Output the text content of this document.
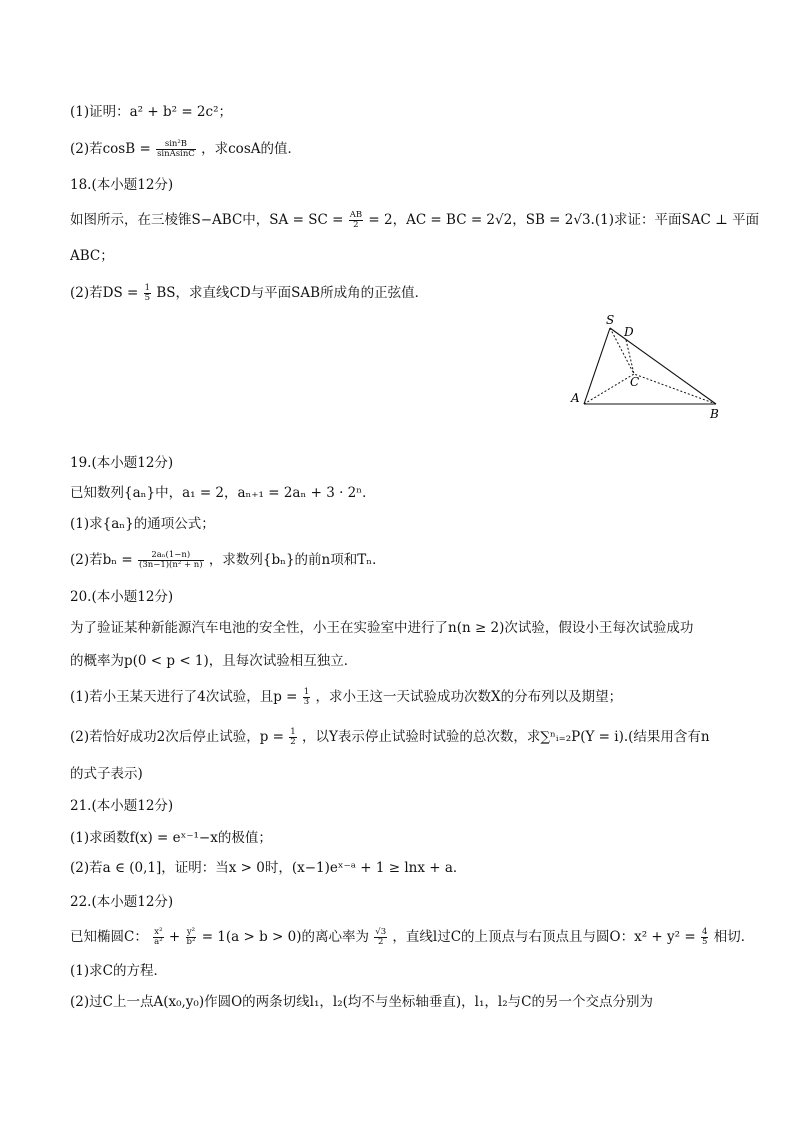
(1)证明：a² + b² = 2c²；
(2)若$\cos B = \frac{\text{sin²B}}{\text{sinAsinC}}$ ，求cosA的值．
18.(本小题12分)
如图所示，在三棱锥S−ABC中，SA = SC = $\frac{AB}{2} = 2$，AC = BC = 2√2，SB = 2√3.(1)求证：平面SAC ⊥ 平面
ABC；
(2)若DS = $\frac{1}{5}$ BS，求直线CD与平面SAB所成角的正弦值．
19.(本小题12分)
已知数列{aₙ}中，a₁ = 2，aₙ₊₁ = 2aₙ + 3 · 2ⁿ．
(1)求{aₙ}的通项公式；
(2)若$b_n = \frac{\text{2aₙ(1−n)}}{\text{(3n−1)(n² + n)}}$ ，求数列{bₙ}的前n项和Tₙ．
20.(本小题12分)
为了验证某种新能源汽车电池的安全性，小王在实验室中进行了n(n ≥ 2)次试验，假设小王每次试验成功
的概率为p(0 < p < 1)，且每次试验相互独立．
(1)若小王某天进行了4次试验，且$p = \frac{1}{3}$ ，求小王这一天试验成功次数X的分布列以及期望；
(2)若恰好成功2次后停止试验，$p = \frac{1}{2}$ ，以Y表示停止试验时试验的总次数，求∑ⁿᵢ₌₂P(Y = i).(结果用含有n
的式子表示)
21.(本小题12分)
(1)求函数f(x) = eˣ⁻¹−x的极值；
(2)若a ∈ (0,1]，证明：当x > 0时，(x−1)eˣ⁻ᵃ + 1 ≥ lnx + a．
22.(本小题12分)
已知椭圆C： $\frac{\text{x²}}{\text{a²}} + \frac{\text{y²}}{\text{b²}} = 1(a > b > 0)$的离心率为 $\frac{√3}{2}$ ，直线l过C的上顶点与右顶点且与圆O：$x^2 + y^2 = \frac{4}{5}$ 相切．
(1)求C的方程．
(2)过C上一点A(x₀,y₀)作圆O的两条切线l₁，l₂(均不与坐标轴垂直)，l₁，l₂与C的另一个交点分别为
S
D
C
A
B
